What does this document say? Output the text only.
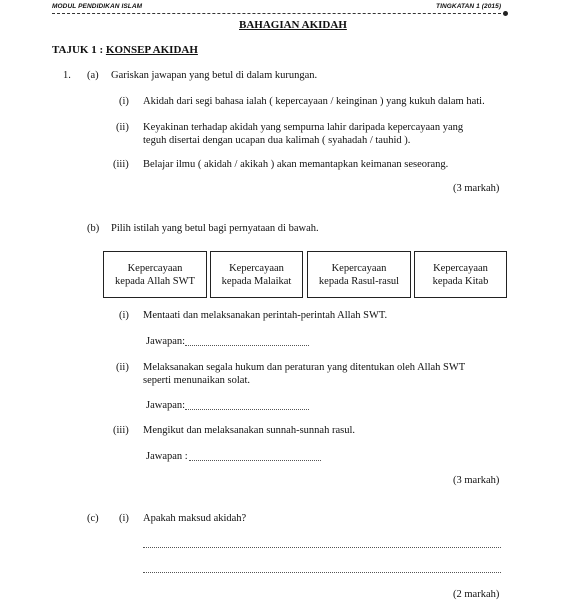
MODUL PENDIDIKAN ISLAM	TINGKATAN 1 (2015)
BAHAGIAN AKIDAH
TAJUK 1 : KONSEP AKIDAH
1. (a) Gariskan jawapan yang betul di dalam kurungan.
(i) Akidah dari segi bahasa ialah ( kepercayaan / keinginan ) yang kukuh dalam hati.
(ii) Keyakinan terhadap akidah yang sempurna lahir daripada kepercayaan yang
teguh disertai dengan ucapan dua kalimah ( syahadah / tauhid ).
(iii) Belajar ilmu ( akidah / akikah ) akan memantapkan keimanan seseorang.
(3 markah)
(b) Pilih istilah yang betul bagi pernyataan di bawah.
Kepercayaan
kepada Allah SWT
Kepercayaan
kepada Malaikat
Kepercayaan
kepada Rasul-rasul
Kepercayaan
kepada Kitab
(i) Mentaati dan melaksanakan perintah-perintah Allah SWT.
Jawapan:
(ii) Melaksanakan segala hukum dan peraturan yang ditentukan oleh Allah SWT
seperti menunaikan solat.
Jawapan:
(iii) Mengikut dan melaksanakan sunnah-sunnah rasul.
Jawapan :
(3 markah)
(c) (i) Apakah maksud akidah?
(2 markah)
